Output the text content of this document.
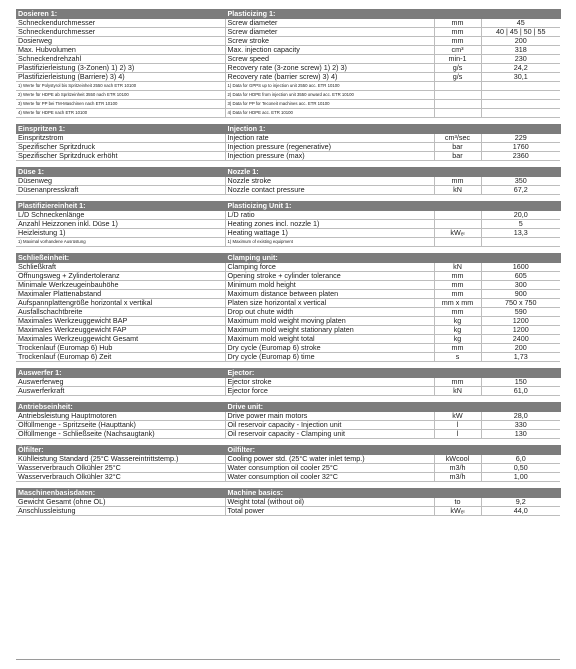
Dosieren 1:	Plasticizing 1:		
Schneckendurchmesser	Screw diameter	mm	45
Schneckendurchmesser	Screw diameter	mm	40 | 45 | 50 | 55
Dosierweg	Screw stroke	mm	200
Max. Hubvolumen	Max. injection capacity	cm³	318
Schneckendrehzahl	Screw speed	min-1	230
Plastifizierleistung (3-Zonen) 1) 2) 3)	Recovery rate (3-zone screw) 1) 2) 3)	g/s	24,2
Plastifizierleistung (Barriere) 3) 4)	Recovery rate (barrier screw) 3) 4)	g/s	30,1
1) Werte für Polystyrol bis Spritzeinheit 2550 nach ETR 10100	1) Data for GPPS up to injection unit 2550 acc. ETR 10100		
2) Werte für HDPE ab Spritzeinheit 3550 nach ETR 10100	2) Data for HDPE from injection unit 3550 onward acc. ETR 10100		
3) Werte für PP bei TM-Maschinen nach ETR 10100	3) Data for PP for Teconeit machines acc. ETR 10100		
4) Werte für HDPE nach ETR 10100	4) Data for HDPE acc. ETR 10100		

Einspritzen 1:	Injection 1:		
Einspritzstrom	Injection rate	cm³/sec	229
Spezifischer Spritzdruck	Injection pressure (regenerative)	bar	1760
Spezifischer Spritzdruck erhöht	Injection pressure (max)	bar	2360

Düse 1:	Nozzle 1:		
Düsenweg	Nozzle stroke	mm	350
Düsenanpresskraft	Nozzle contact pressure	kN	67,2

Plastifiziereinheit 1:	Plasticizing Unit 1:		
L/D Schneckenlänge	L/D ratio		20,0
Anzahl Heizzonen inkl. Düse 1)	Heating zones incl. nozzle 1)		5
Heizleistung 1)	Heating wattage 1)	kWₑₗ	13,3
1) Maximal vorhandene Ausrüstung	1) Maximum of existing equipment		

Schließeinheit:	Clamping unit:		
Schließkraft	Clamping force	kN	1600
Öffnungsweg + Zylindertoleranz	Opening stroke + cylinder tolerance	mm	605
Minimale Werkzeugeinbauhöhe	Minimum mold height	mm	300
Maximaler Plattenabstand	Maximum distance between platen	mm	900
Aufspannplattengröße horizontal x vertikal	Platen size horizontal x vertical	mm x mm	750 x 750
Ausfallschachtbreite	Drop out chute width	mm	590
Maximales Werkzeuggewicht BAP	Maximum mold weight moving platen	kg	1200
Maximales Werkzeuggewicht FAP	Maximum mold weight stationary platen	kg	1200
Maximales Werkzeuggewicht Gesamt	Maximum mold weight total	kg	2400
Trockenlauf (Euromap 6) Hub	Dry cycle (Euromap 6) stroke	mm	200
Trockenlauf (Euromap 6) Zeit	Dry cycle (Euromap 6) time	s	1,73

Auswerfer 1:	Ejector:		
Auswerferweg	Ejector stroke	mm	150
Auswerferkraft	Ejector force	kN	61,0

Antriebseinheit:	Drive unit:		
Antriebsleistung Hauptmotoren	Drive power main motors	kW	28,0
Ölfüllmenge - Spritzseite (Haupttank)	Oil reservoir capacity - Injection unit	l	330
Ölfüllmenge - Schließseite (Nachsaugtank)	Oil reservoir capacity - Clamping unit	l	130

Ölfilter:	Oilfilter:		
Kühlleistung Standard (25°C Wassereintrittstemp.)	Cooling power std. (25°C water inlet temp.)	kWcool	6,0
Wasserverbrauch Ölkühler 25°C	Water consumption oil cooler 25°C	m3/h	0,50
Wasserverbrauch Ölkühler 32°C	Water consumption oil cooler 32°C	m3/h	1,00

Maschinenbasisdaten:	Machine basics:		
Gewicht Gesamt (ohne ÖL)	Weight total (without oil)	to	9,2
Anschlussleistung	Total power	kWₑₗ	44,0
